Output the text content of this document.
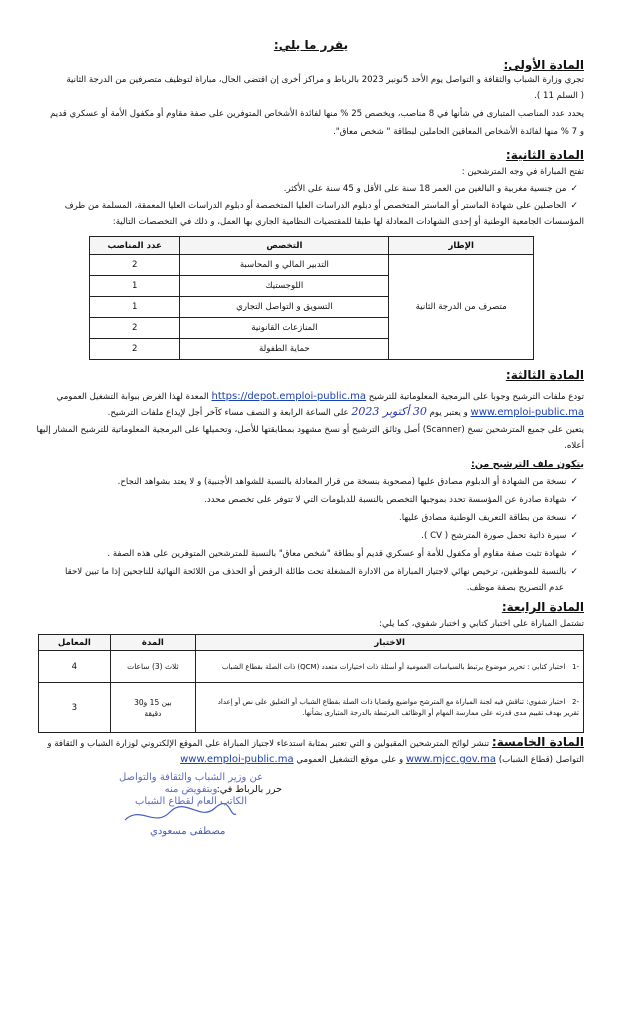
يقرر ما يلي:
المادة الأولى:
تجري وزارة الشباب والثقافة و التواصل يوم الأحد 5نونبر 2023 بالرباط و مراكز أخرى إن اقتضى الحال، مباراة لتوظيف متصرفين من الدرجة الثانية
( السلم 11 ).
يحدد عدد المناصب المتبارى في شأنها في 8 مناصب، ويخصص 25 % منها لفائدة الأشخاص المتوفرين على صفة مقاوم أو مكفول الأمة أو عسكري قديم
و 7 % منها لفائدة الأشخاص المعاقين الحاملين لبطاقة " شخص معاق".
المادة الثانية:
تفتح المباراة في وجه المترشحين :
✓من جنسية مغربية و البالغين من العمر 18 سنة على الأقل و 45 سنة على الأكثر.
✓الحاصلين على شهادة الماستر أو الماستر المتخصص أو دبلوم الدراسات العليا المتخصصة أو دبلوم الدراسات العليا المعمقة، المسلمة من طرف
المؤسسات الجامعية الوطنية أو إحدى الشهادات المعادلة لها طبقا للمقتضيات النظامية الجاري بها العمل، و ذلك في التخصصات التالية:
الإطار	التخصص	عدد المناصب
متصرف من الدرجة الثانية	التدبير المالي و المحاسبة	2
	اللوجستيك	1
	التسويق و التواصل التجاري	1
	المنازعات القانونية	2
	حماية الطفولة	2
المادة الثالثة:
تودع ملفات الترشيح وجوبا على البرمجية المعلوماتية للترشيح https://depot.emploi-public.ma المعدة لهذا الغرض ببوابة التشغيل العمومي
www.emploi-public.ma و يعتبر يوم 30 أكتوبر 2023 على الساعة الرابعة و النصف مساء كآخر أجل لإيداع ملفات الترشيح.
يتعين على جميع المترشحين نسخ (Scanner) أصل وثائق الترشيح أو نسخ مشهود بمطابقتها للأصل، وتحميلها على البرمجية المعلوماتية للترشيح المشار إليها
أعلاه.
يتكون ملف الترشيح من:
✓نسخة من الشهادة أو الدبلوم مصادق عليها (مصحوبة بنسخة من قرار المعادلة بالنسبة للشواهد الأجنبية) و لا يعتد بشواهد النجاح.
✓شهادة صادرة عن المؤسسة تحدد بموجبها التخصص بالنسبة للدبلومات التي لا تتوفر على تخصص محدد.
✓نسخة من بطاقة التعريف الوطنية مصادق عليها.
✓سيرة ذاتية تحمل صورة المترشح ( CV ).
✓شهادة تثبت صفة مقاوم أو مكفول للأمة أو عسكري قديم أو بطاقة "شخص معاق" بالنسبة للمترشحين المتوفرين على هذه الصفة .
✓بالنسبة للموظفين، ترخيص نهائي لاجتياز المباراة من الادارة المشغلة تحت طائلة الرفض أو الحذف من اللائحة النهائية للناجحين إذا ما تبين لاحقا
عدم التصريح بصفة موظف.
المادة الرابعة:
تشتمل المباراة على اختبار كتابي و اختبار شفوي، كما يلي:
الاختبار	المدة	المعامل
-1   اختبار كتابي : تحرير موضوع يرتبط بالسياسات العمومية أو أسئلة ذات اختيارات متعدد (QCM) ذات الصلة بقطاع الشباب	ثلاث (3) ساعات	4
-2   اختبار شفوي: تناقش فيه لجنة المباراة مع المترشح مواضيع وقضايا ذات الصلة بقطاع الشباب أو التعليق على نص أو إعداد
تقرير بهدف تقييم مدى قدرته على ممارسة المهام أو الوظائف المرتبطة بالدرجة المتبارى بشأنها.	بين 15 و30
دقيقة	3
المادة الخامسة: تنشر لوائح المترشحين المقبولين و التي تعتبر بمثابة استدعاء لاجتياز المباراة على الموقع الإلكتروني لوزارة الشباب و الثقافة و
التواصل (قطاع الشباب) www.mjcc.gov.ma و على موقع التشغيل العمومي www.emploi-public.ma
حرر بالرباط في:
عن وزير الشباب والثقافة والتواصل
وبتفويض منه
الكاتب العام لقطاع الشباب
مصطفى مسعودي
